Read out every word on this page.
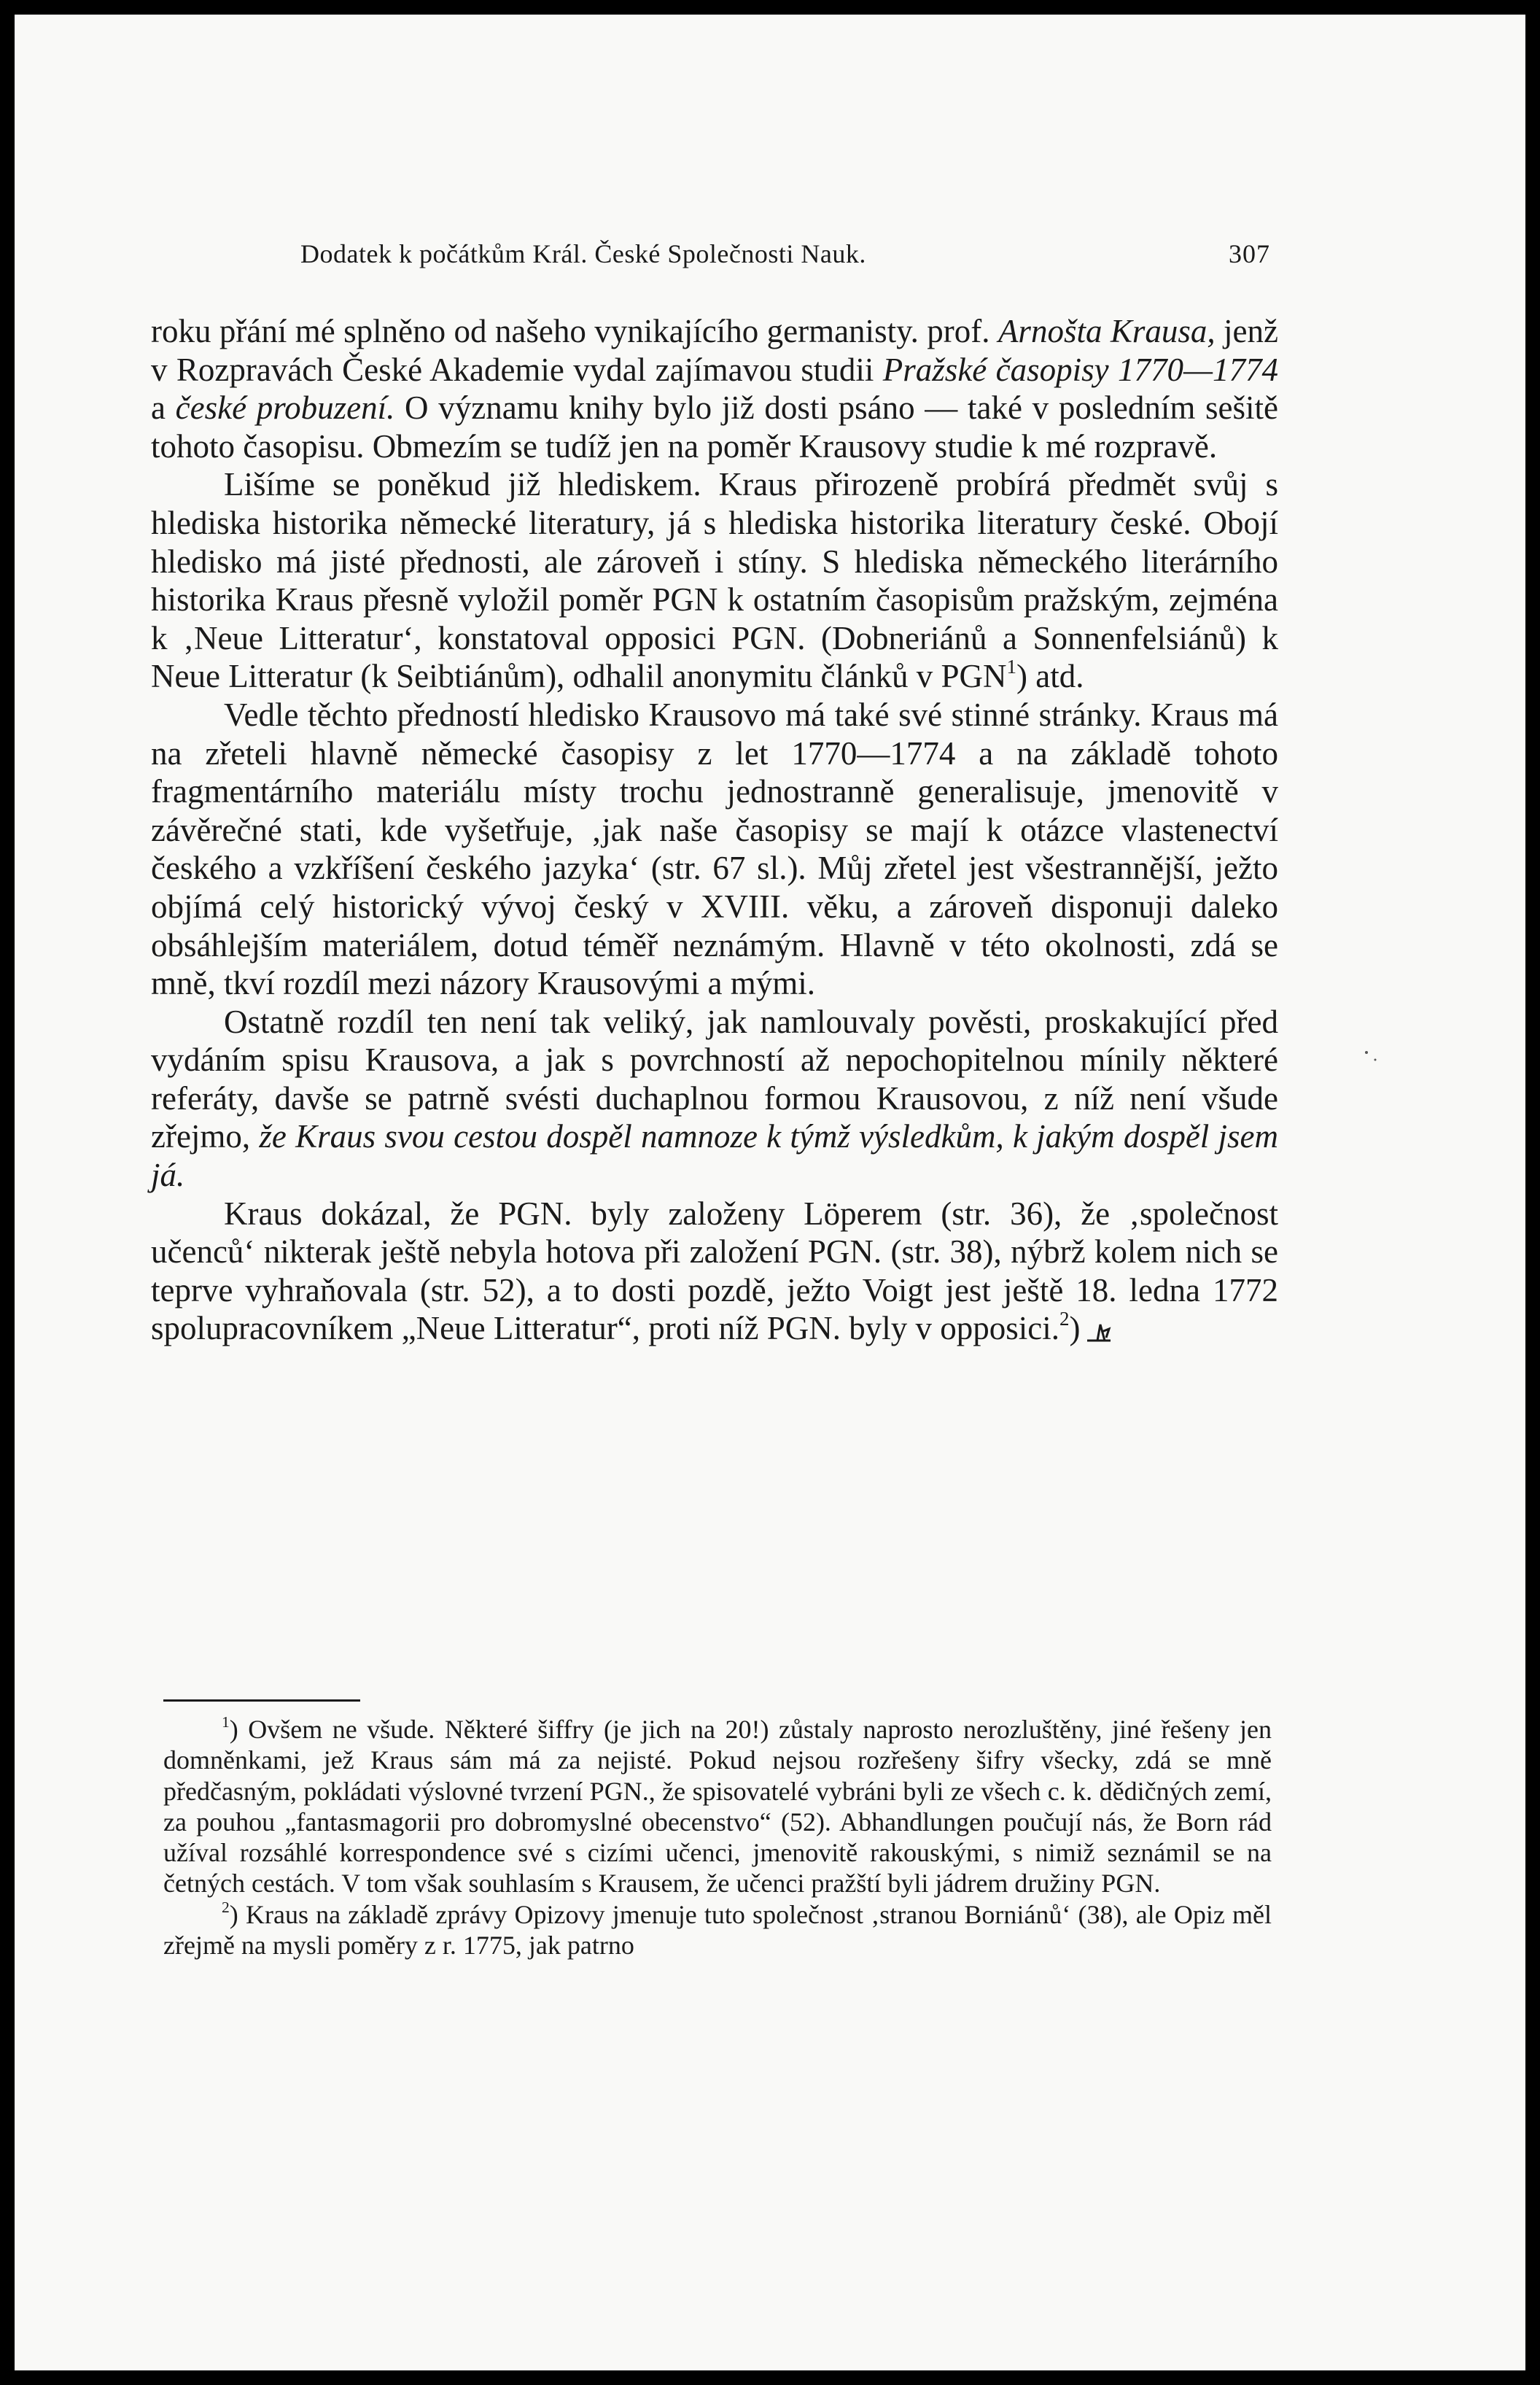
Dodatek k počátkům Král. České Společnosti Nauk.	307

roku přání mé splněno od našeho vynikajícího germanisty. prof. Arnošta Krausa, jenž v Rozpravách České Akademie vydal zajímavou studii Pražské časopisy 1770—1774 a české probuzení. O významu knihy bylo již dosti psáno — také v posledním sešitě tohoto časopisu. Obmezím se tudíž jen na poměr Krausovy studie k mé rozpravě.

Lišíme se poněkud již hlediskem. Kraus přirozeně probírá předmět svůj s hlediska historika německé literatury, já s hlediska historika literatury české. Obojí hledisko má jisté přednosti, ale zároveň i stíny. S hlediska německého literárního historika Kraus přesně vyložil poměr PGN k ostatním časopisům pražským, zejména k ‚Neue Litteratur‘, konstatoval opposici PGN. (Dobneriánů a Sonnenfelsiánů) k Neue Litteratur (k Seibtiánům), odhalil anonymitu článků v PGN$^1$) atd.

Vedle těchto předností hledisko Krausovo má také své stinné stránky. Kraus má na zřeteli hlavně německé časopisy z let 1770—1774 a na základě tohoto fragmentárního materiálu místy trochu jednostranně generalisuje, jmenovitě v závěrečné stati, kde vyšetřuje, ‚jak naše časopisy se mají k otázce vlastenectví českého a vzkříšení českého jazyka‘ (str. 67 sl.). Můj zřetel jest všestrannější, ježto objímá celý historický vývoj český v XVIII. věku, a zároveň disponuji daleko obsáhlejším materiálem, dotud téměř neznámým. Hlavně v této okolnosti, zdá se mně, tkví rozdíl mezi názory Krausovými a mými.

Ostatně rozdíl ten není tak veliký, jak namlouvaly pověsti, proskakující před vydáním spisu Krausova, a jak s povrchností až nepochopitelnou mínily některé referáty, davše se patrně svésti duchaplnou formou Krausovou, z níž není všude zřejmo, že Kraus svou cestou dospěl namnoze k týmž výsledkům, k jakým dospěl jsem já.

Kraus dokázal, že PGN. byly založeny Löperem (str. 36), že ‚společnost učenců‘ nikterak ještě nebyla hotova při založení PGN. (str. 38), nýbrž kolem nich se teprve vyhraňovala (str. 52), a to dosti pozdě, ježto Voigt jest ještě 18. ledna 1772 spolupracovníkem „Neue Litteratur“, proti níž PGN. byly v opposici.$^2$)

$^1$) Ovšem ne všude. Některé šiffry (je jich na 20!) zůstaly naprosto nerozluštěny, jiné řešeny jen domněnkami, jež Kraus sám má za nejisté. Pokud nejsou rozřešeny šifry všecky, zdá se mně předčasným, pokládati výslovné tvrzení PGN., že spisovatelé vybráni byli ze všech c. k. dědičných zemí, za pouhou „fantasmagorii pro dobromyslné obecenstvo“ (52). Abhandlungen poučují nás, že Born rád užíval rozsáhlé korrespondence své s cizími učenci, jmenovitě rakouskými, s nimiž seznámil se na četných cestách. V tom však souhlasím s Krausem, že učenci pražští byli jádrem družiny PGN.

$^2$) Kraus na základě zprávy Opizovy jmenuje tuto společnost ‚stranou Borniánů‘ (38), ale Opiz měl zřejmě na mysli poměry z r. 1775, jak patrno
